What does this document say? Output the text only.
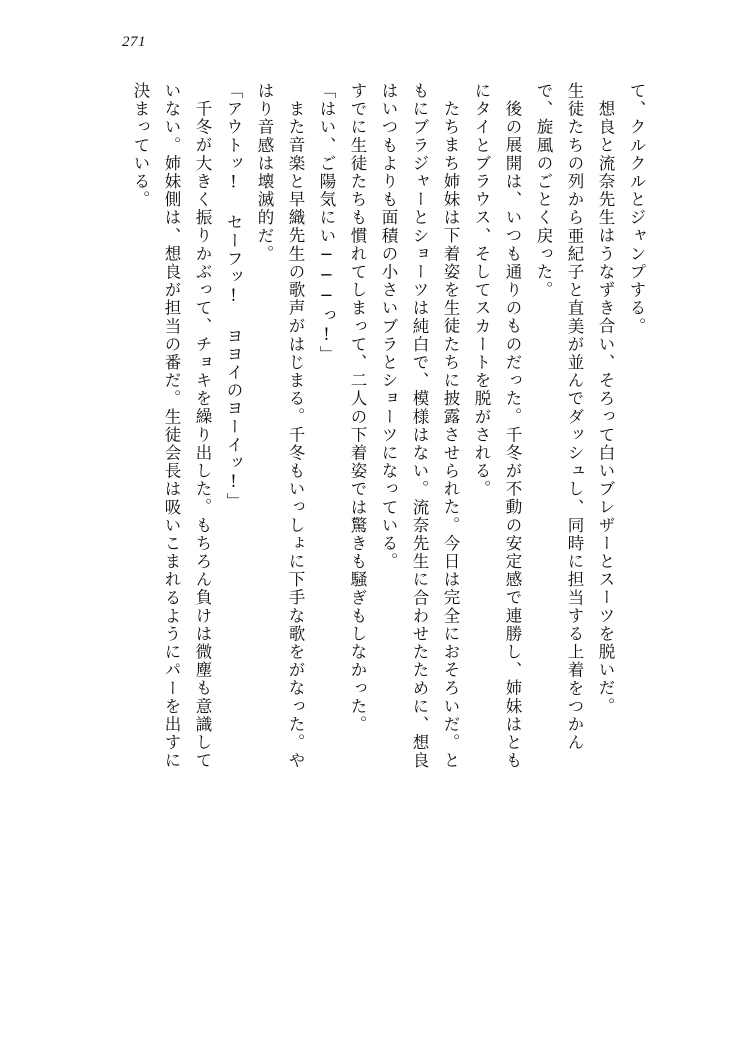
271
て、クルクルとジャンプする。
想良と流奈先生はうなずき合い、そろって白いブレザーとスーツを脱いだ。
生徒たちの列から亜紀子と直美が並んでダッシュし、同時に担当する上着をつかん
で、旋風のごとく戻った。
後の展開は、いつも通りのものだった。千冬が不動の安定感で連勝し、姉妹はとも
にタイとブラウス、そしてスカートを脱がされる。
たちまち姉妹は下着姿を生徒たちに披露させられた。今日は完全におそろいだ。と
もにブラジャーとショーツは純白で、模様はない。流奈先生に合わせたために、想良
はいつもよりも面積の小さいブラとショーツになっている。
すでに生徒たちも慣れてしまって、二人の下着姿では驚きも騒ぎもしなかった。
「はい、ご陽気にい───っ!」
また音楽と早織先生の歌声がはじまる。千冬もいっしょに下手な歌をがなった。や
はり音感は壊滅的だ。
「アウトッ! セーフッ! ヨヨイのヨーイッ!」
千冬が大きく振りかぶって、チョキを繰り出した。もちろん負けは微塵も意識して
いない。姉妹側は、想良が担当の番だ。生徒会長は吸いこまれるようにパーを出すに
決まっている。
